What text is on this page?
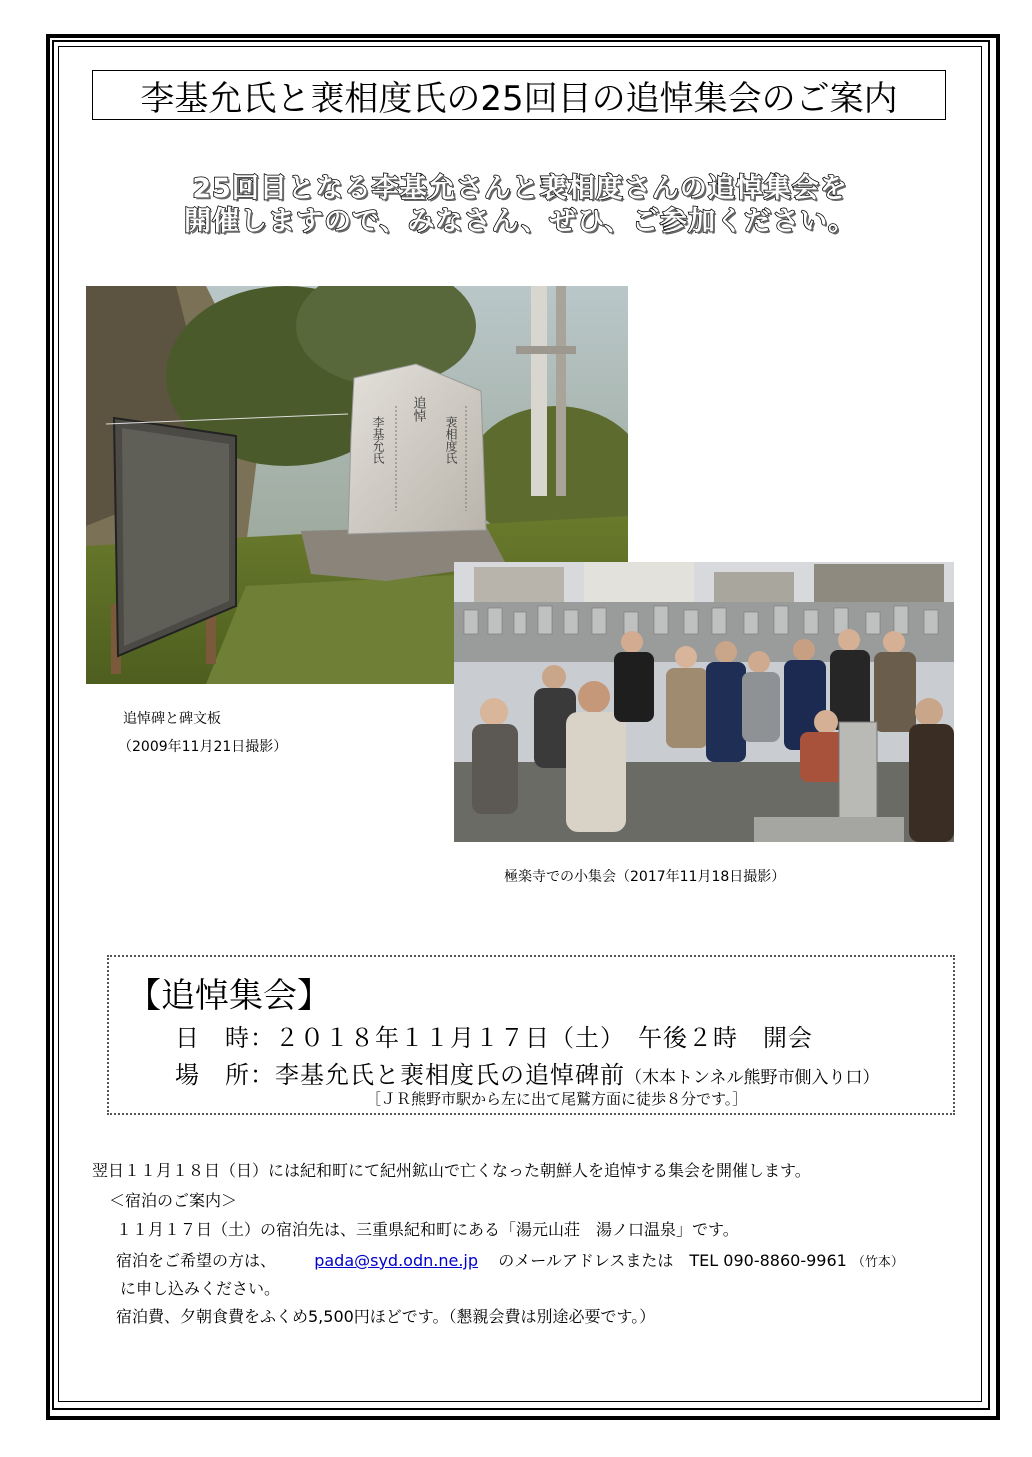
李基允氏と裵相度氏の25回目の追悼集会のご案内
25回目となる李基允さんと裵相度さんの追悼集会を
開催しますので、みなさん、ぜひ、ご参加ください。
追悼
裵相度氏
李基允氏
追悼碑と碑文板
（2009年11月21日撮影）
極楽寺での小集会（2017年11月18日撮影）
【追悼集会】
日　時：２０１８年１１月１７日（土）　午後２時　開会
場　所：李基允氏と裵相度氏の追悼碑前（木本トンネル熊野市側入り口）
［ＪＲ熊野市駅から左に出て尾鷲方面に徒歩８分です。］
翌日１１月１８日（日）には紀和町にて紀州鉱山で亡くなった朝鮮人を追悼する集会を開催します。
＜宿泊のご案内＞
１１月１７日（土）の宿泊先は、三重県紀和町にある「湯元山荘　湯ノ口温泉」です。
宿泊をご希望の方は、 pada@syd.odn.ne.jp のメールアドレスまたは　TEL 090-8860-9961 （竹本）
に申し込みください。
宿泊費、夕朝食費をふくめ5,500円ほどです。（懇親会費は別途必要です。）
